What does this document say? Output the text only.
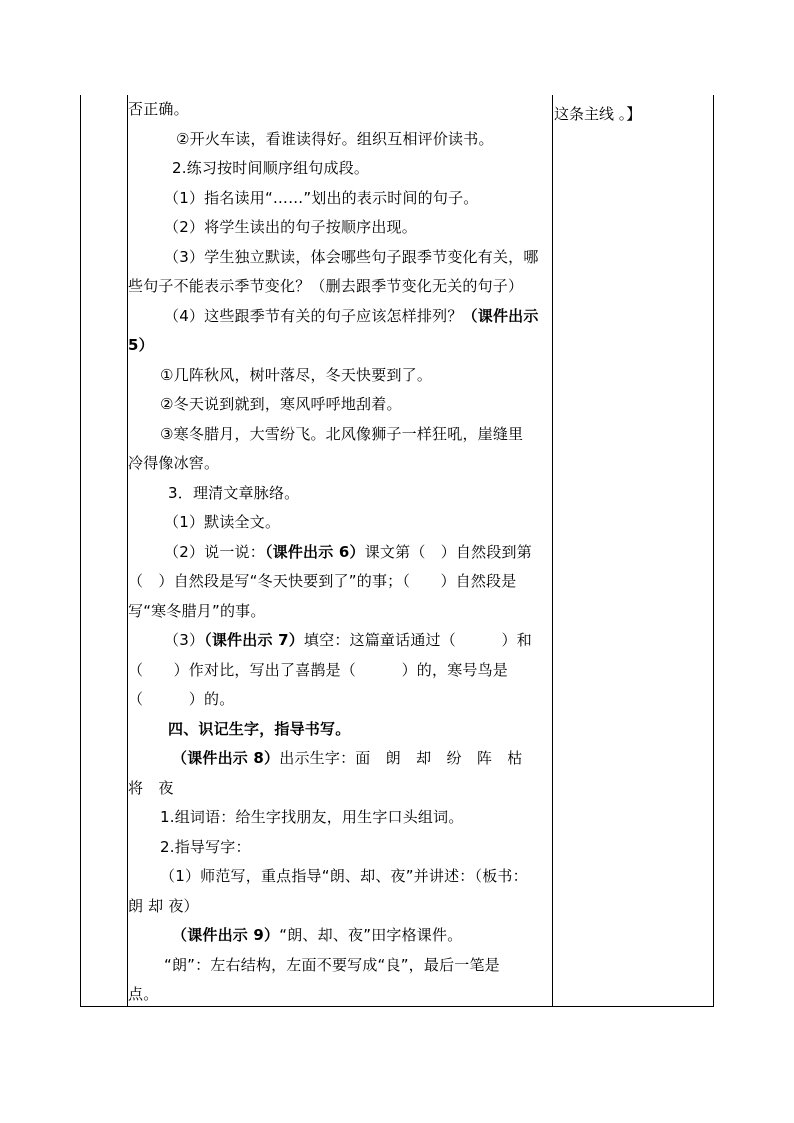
否正确。
②开火车读，看谁读得好。组织互相评价读书。
2.练习按时间顺序组句成段。
（1）指名读用“……”划出的表示时间的句子。
（2）将学生读出的句子按顺序出现。
（3）学生独立默读，体会哪些句子跟季节变化有关，哪
些句子不能表示季节变化？（删去跟季节变化无关的句子）
（4）这些跟季节有关的句子应该怎样排列？（课件出示
5）
①几阵秋风，树叶落尽，冬天快要到了。
②冬天说到就到，寒风呼呼地刮着。
③寒冬腊月，大雪纷飞。北风像狮子一样狂吼，崖缝里
冷得像冰窖。
3．理清文章脉络。
（1）默读全文。
（2）说一说：（课件出示 6）课文第（　）自然段到第
（　）自然段是写“冬天快要到了”的事；（　　）自然段是
写“寒冬腊月”的事。
（3）（课件出示 7）填空：这篇童话通过（　　　）和
（　　）作对比，写出了喜鹊是（　　　）的，寒号鸟是
（　　　）的。
四、识记生字，指导书写。
（课件出示 8）出示生字：面　朗　却　纷　阵　枯
将　夜
1.组词语：给生字找朋友，用生字口头组词。
2.指导写字：
（1）师范写，重点指导“朗、却、夜”并讲述：（板书：
朗 却 夜）
（课件出示 9）“朗、却、夜”田字格课件。
“朗”：左右结构，左面不要写成“良”，最后一笔是
点。
这条主线 。】
